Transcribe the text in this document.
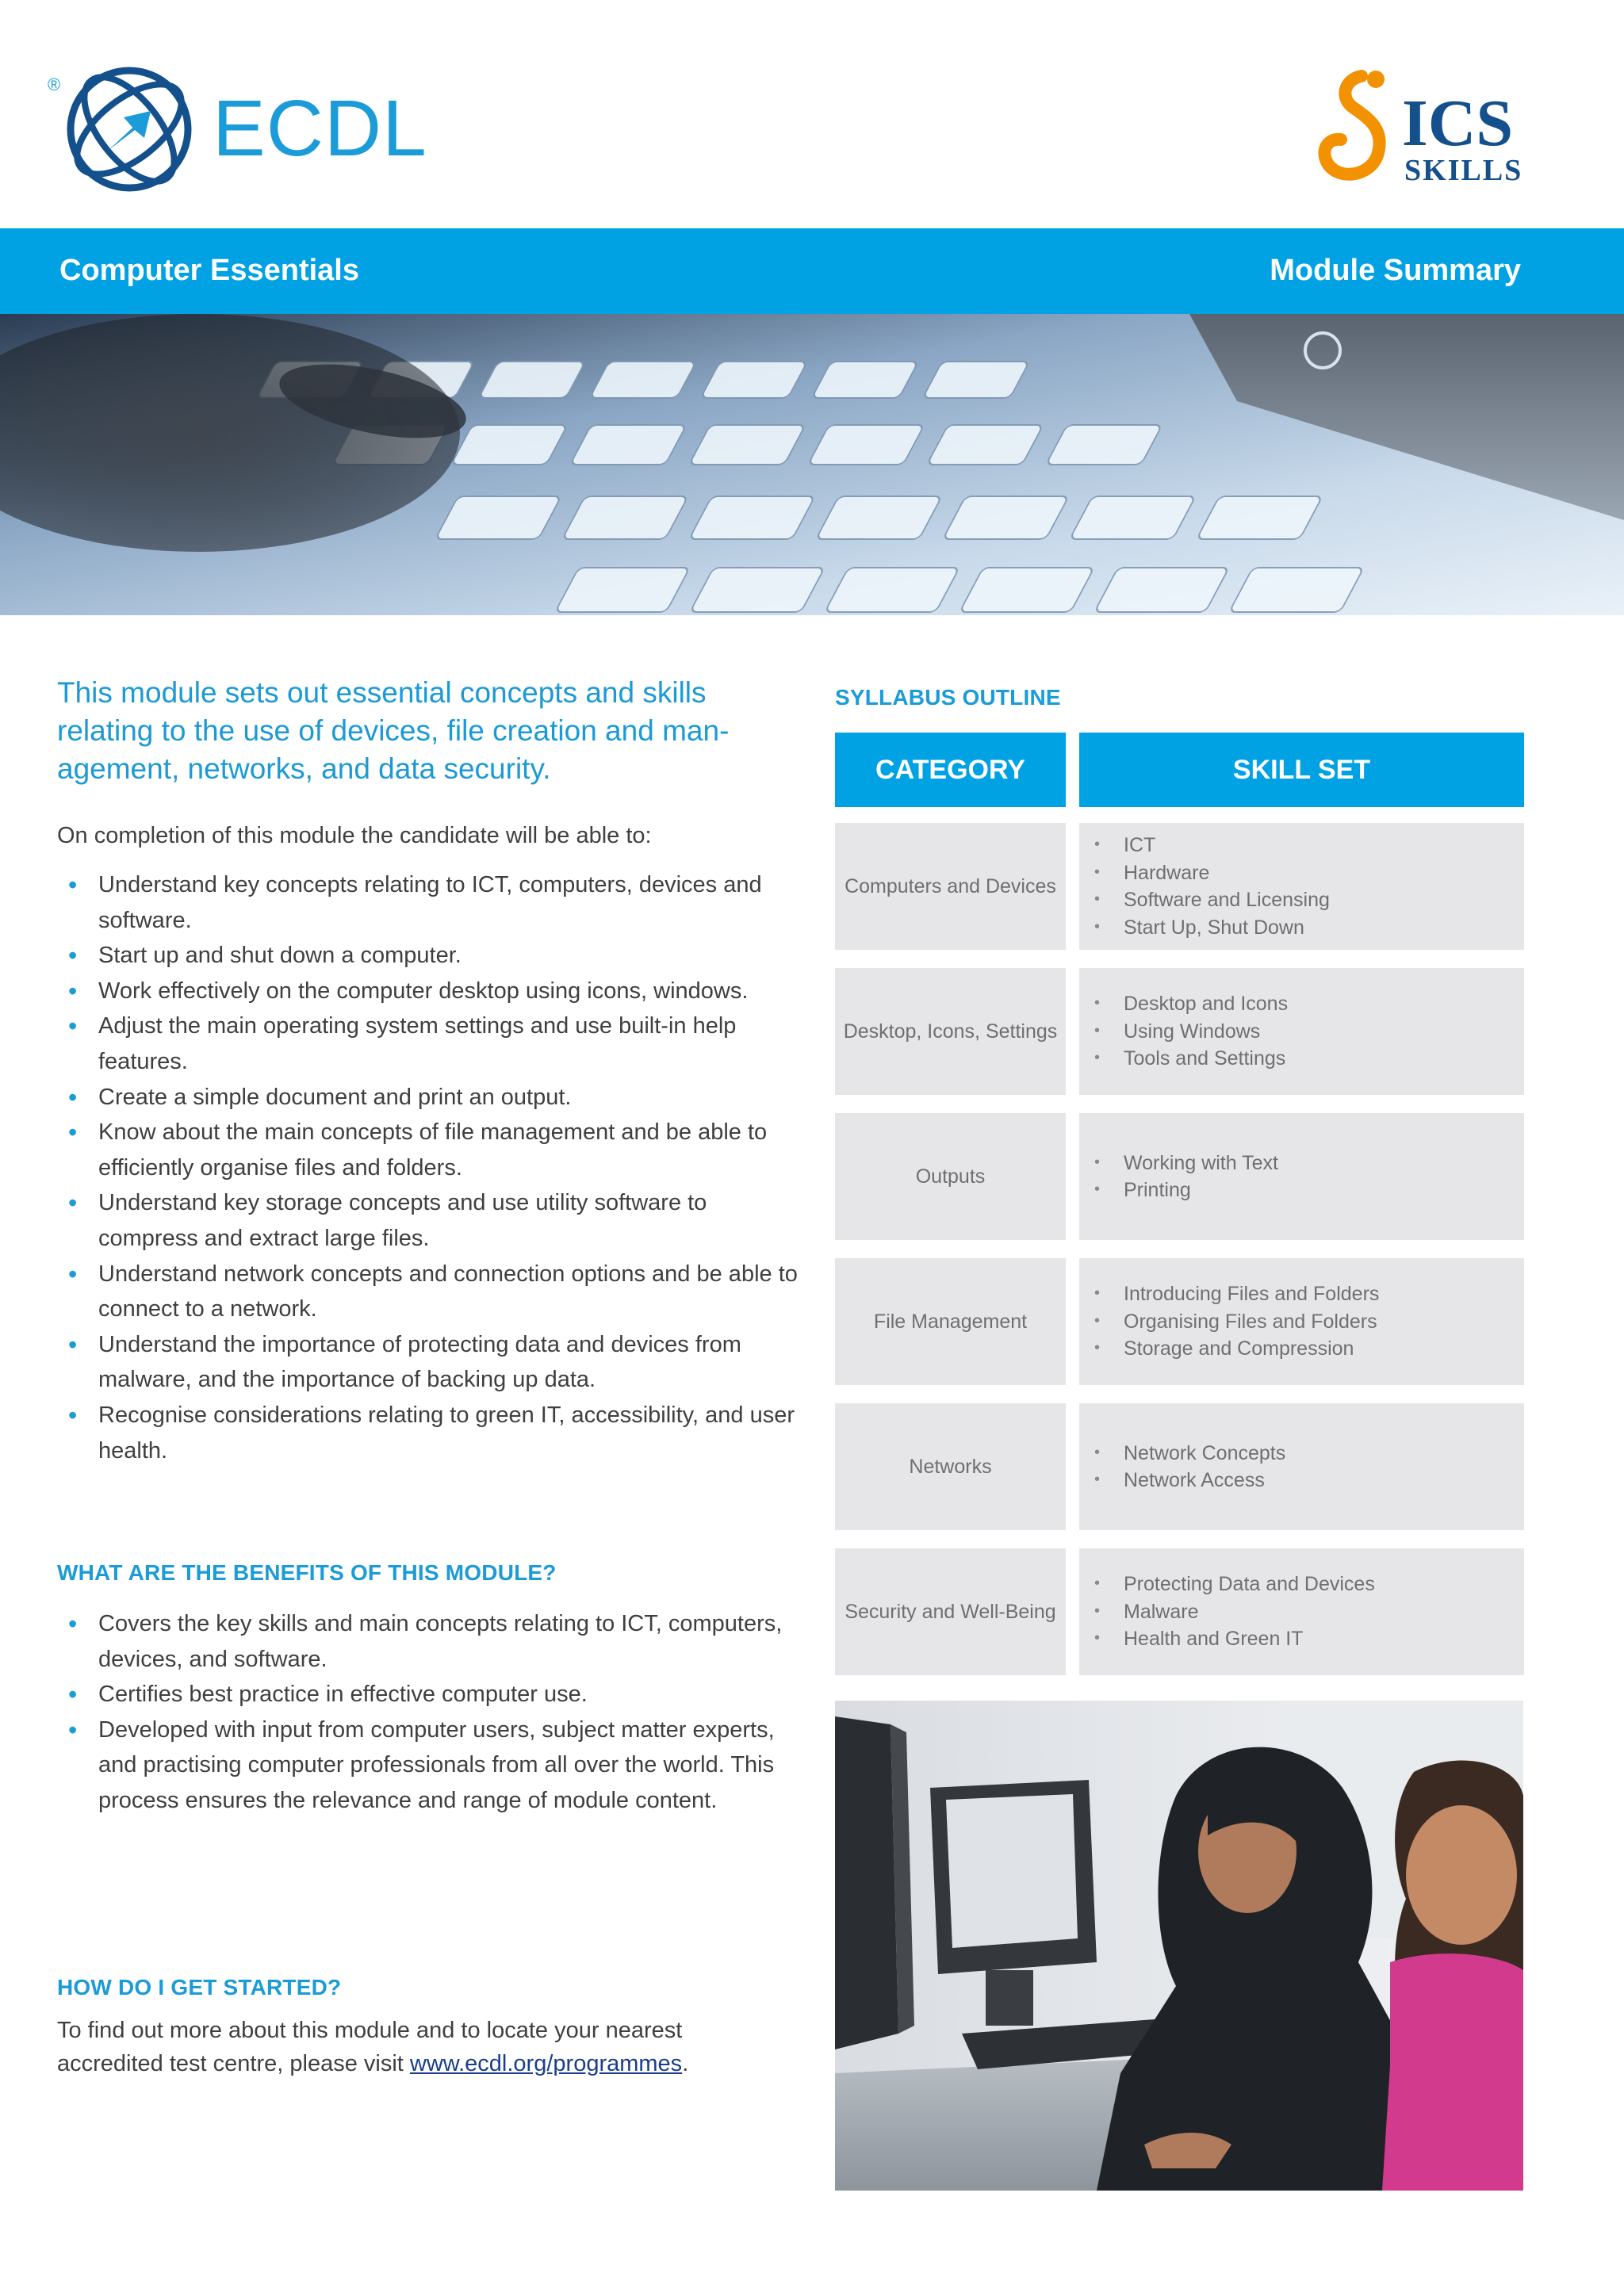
® ECDL	ICS
SKILLS
Computer Essentials	Module Summary
This module sets out essential concepts and skills relating to the use of devices, file creation and management, networks, and data security.
On completion of this module the candidate will be able to:
• Understand key concepts relating to ICT, computers, devices and software.
• Start up and shut down a computer.
• Work effectively on the computer desktop using icons, windows.
• Adjust the main operating system settings and use built-in help features.
• Create a simple document and print an output.
• Know about the main concepts of file management and be able to efficiently organise files and folders.
• Understand key storage concepts and use utility software to compress and extract large files.
• Understand network concepts and connection options and be able to connect to a network.
• Understand the importance of protecting data and devices from malware, and the importance of backing up data.
• Recognise considerations relating to green IT, accessibility, and user health.
WHAT ARE THE BENEFITS OF THIS MODULE?
• Covers the key skills and main concepts relating to ICT, computers, devices, and software.
• Certifies best practice in effective computer use.
• Developed with input from computer users, subject matter experts, and practising computer professionals from all over the world. This process ensures the relevance and range of module content.
HOW DO I GET STARTED?
To find out more about this module and to locate your nearest accredited test centre, please visit www.ecdl.org/programmes.
SYLLABUS OUTLINE
CATEGORY	SKILL SET
Computers and Devices
• ICT
• Hardware
• Software and Licensing
• Start Up, Shut Down
Desktop, Icons, Settings
• Desktop and Icons
• Using Windows
• Tools and Settings
Outputs
• Working with Text
• Printing
File Management
• Introducing Files and Folders
• Organising Files and Folders
• Storage and Compression
Networks
• Network Concepts
• Network Access
Security and Well-Being
• Protecting Data and Devices
• Malware
• Health and Green IT
